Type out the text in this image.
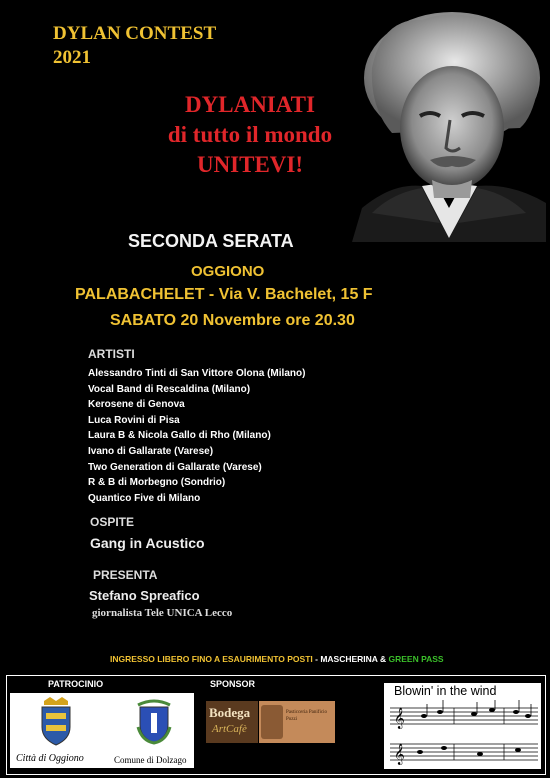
DYLAN CONTEST
2021
DYLANIATI
di tutto il mondo
UNITEVI!
SECONDA SERATA
OGGIONO
PALABACHELET - Via V. Bachelet, 15 F
SABATO 20 Novembre ore 20.30
ARTISTI
Alessandro Tinti di San Vittore Olona (Milano)
Vocal Band di Rescaldina (Milano)
Kerosene di Genova
Luca Rovini di Pisa
Laura B & Nicola Gallo di Rho (Milano)
Ivano di Gallarate (Varese)
Two Generation di Gallarate (Varese)
R & B di Morbegno (Sondrio)
Quantico Five di Milano
OSPITE
Gang in Acustico
PRESENTA
Stefano Spreafico
giornalista Tele UNICA Lecco
INGRESSO LIBERO FINO A ESAURIMENTO POSTI - MASCHERINA & GREEN PASS
PATROCINIO	SPONSOR
Città di Oggiono	Comune di Dolzago
Bodega
ArtCafè
Pasticceria Panificio Pozzi
Blowin' in the wind
𝄞
𝄞
